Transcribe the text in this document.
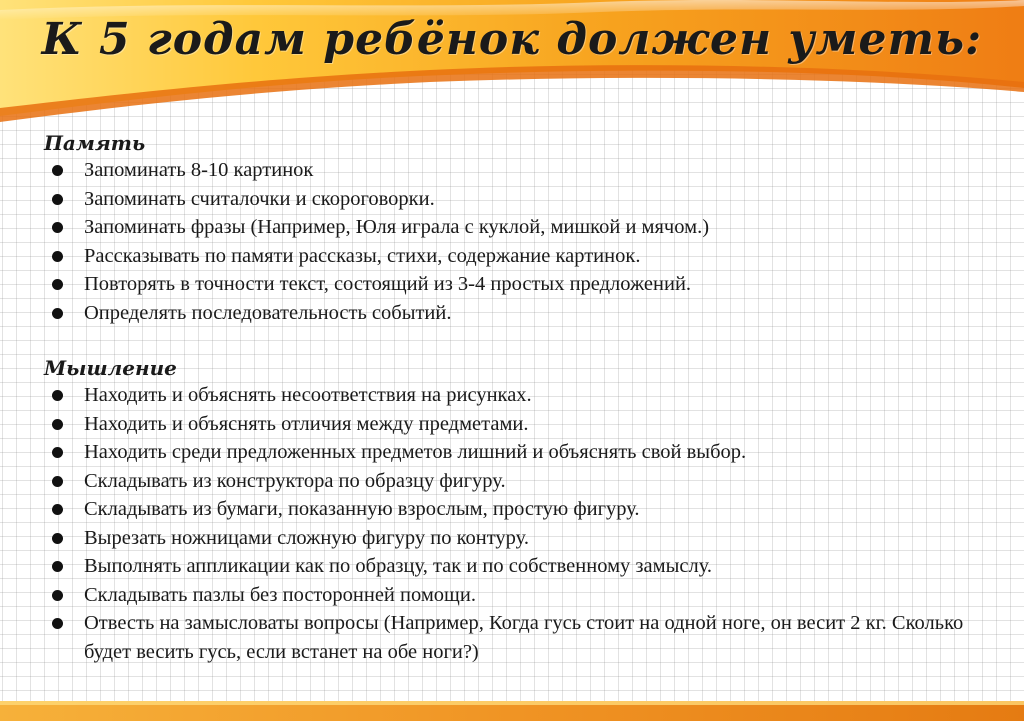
К 5 годам ребёнок должен уметь:
Память
Запоминать 8-10 картинок
Запоминать считалочки и скороговорки.
Запоминать фразы (Например, Юля играла с куклой, мишкой и мячом.)
Рассказывать по памяти рассказы, стихи, содержание картинок.
Повторять в точности текст, состоящий из 3-4 простых предложений.
Определять последовательность событий.
Мышление
Находить и объяснять несоответствия на рисунках.
Находить и объяснять отличия между предметами.
Находить среди предложенных предметов лишний и объяснять свой выбор.
Складывать из конструктора по образцу фигуру.
Складывать из бумаги, показанную взрослым, простую фигуру.
Вырезать ножницами сложную фигуру по контуру.
Выполнять аппликации как по образцу, так и по собственному замыслу.
Складывать пазлы без посторонней помощи.
Отвесть на замысловаты вопросы (Например, Когда гусь стоит на одной ноге, он весит 2 кг. Сколько будет весить гусь, если встанет на обе ноги?)
